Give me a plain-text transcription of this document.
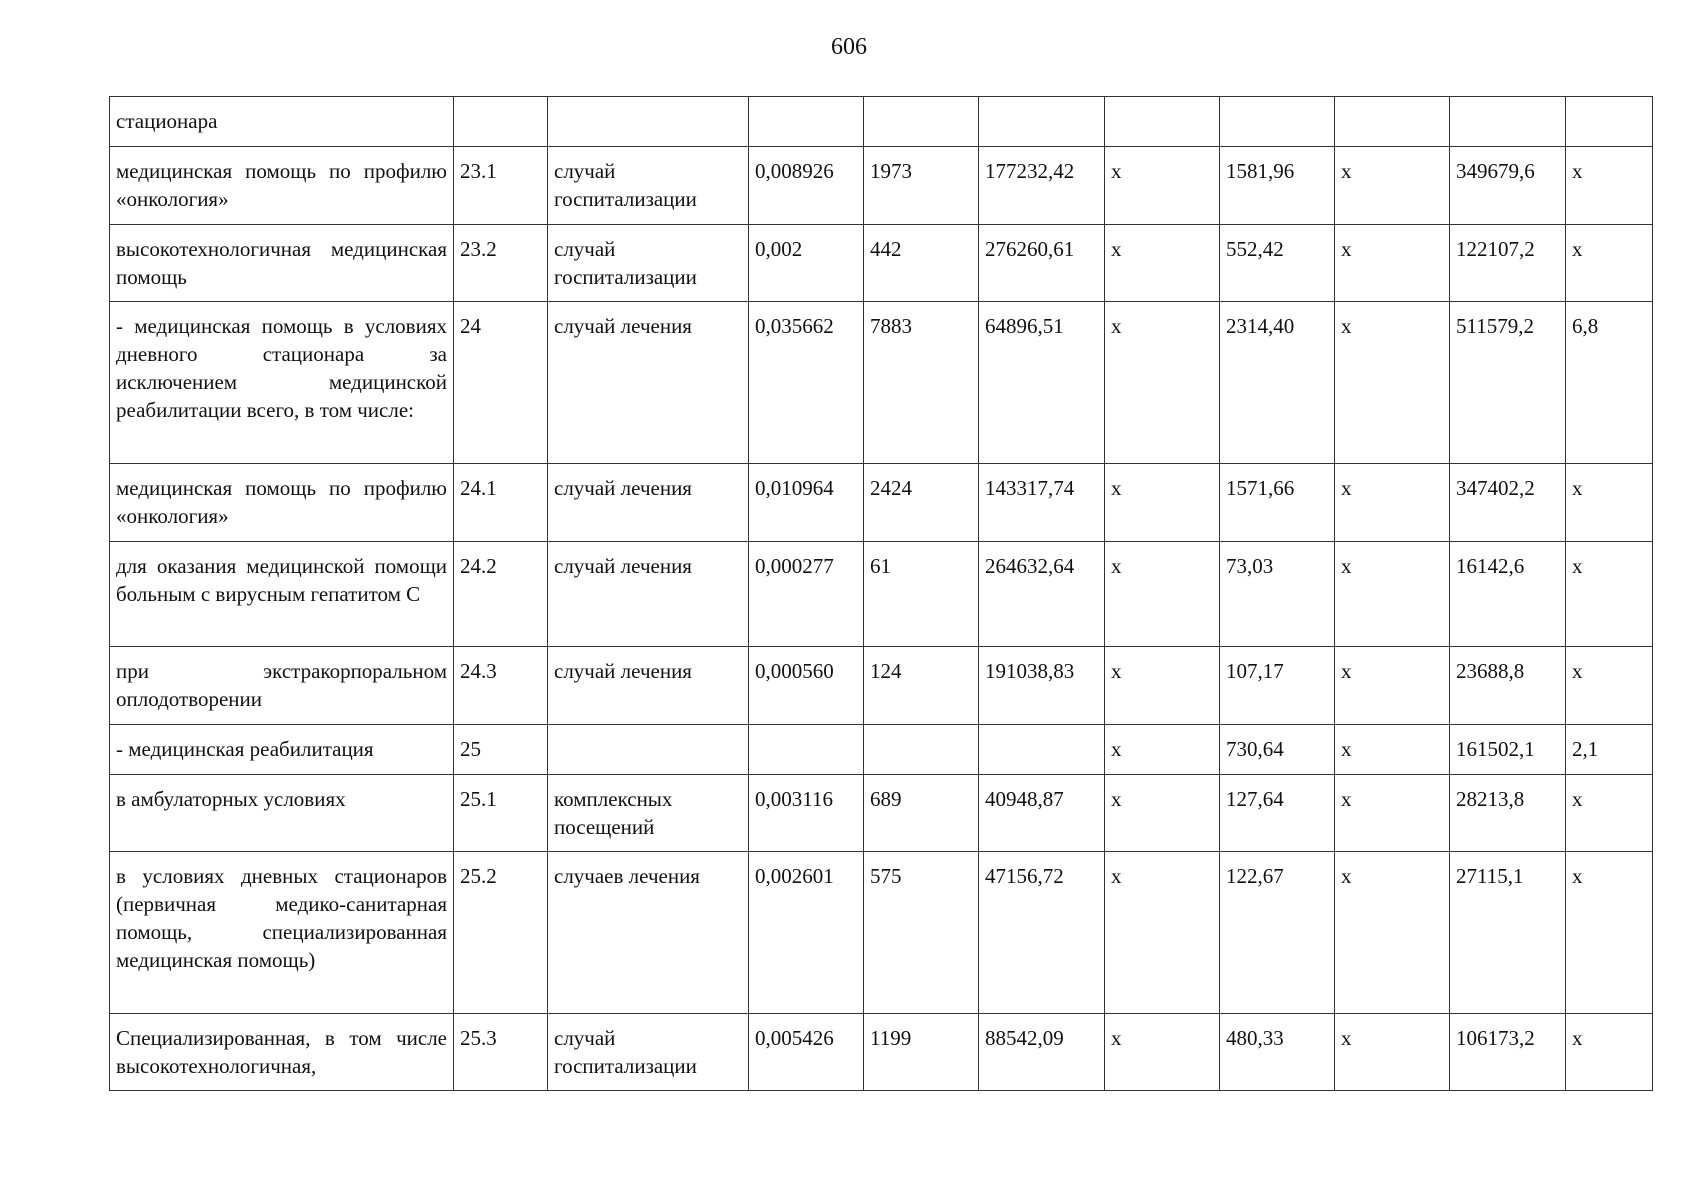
606
стационара										
медицинская помощь по профилю «онкология»	23.1	случай госпитализации	0,008926	1973	177232,42	х	1581,96	х	349679,6	х
высокотехнологичная медицинская помощь	23.2	случай госпитализации	0,002	442	276260,61	х	552,42	х	122107,2	х
- медицинская помощь в условиях дневного стационара за исключением медицинской реабилитации всего, в том числе:	24	случай лечения	0,035662	7883	64896,51	х	2314,40	х	511579,2	6,8
медицинская помощь по профилю «онкология»	24.1	случай лечения	0,010964	2424	143317,74	х	1571,66	х	347402,2	х
для оказания медицинской помощи больным с вирусным гепатитом С	24.2	случай лечения	0,000277	61	264632,64	х	73,03	х	16142,6	х
при экстракорпоральном оплодотворении	24.3	случай лечения	0,000560	124	191038,83	х	107,17	х	23688,8	х
- медицинская реабилитация	25					х	730,64	х	161502,1	2,1
в амбулаторных условиях	25.1	комплексных посещений	0,003116	689	40948,87	х	127,64	х	28213,8	х
в условиях дневных стационаров (первичная медико-санитарная помощь, специализированная медицинская помощь)	25.2	случаев лечения	0,002601	575	47156,72	х	122,67	х	27115,1	х
Специализированная, в том числе высокотехнологичная,	25.3	случай госпитализации	0,005426	1199	88542,09	х	480,33	х	106173,2	х
